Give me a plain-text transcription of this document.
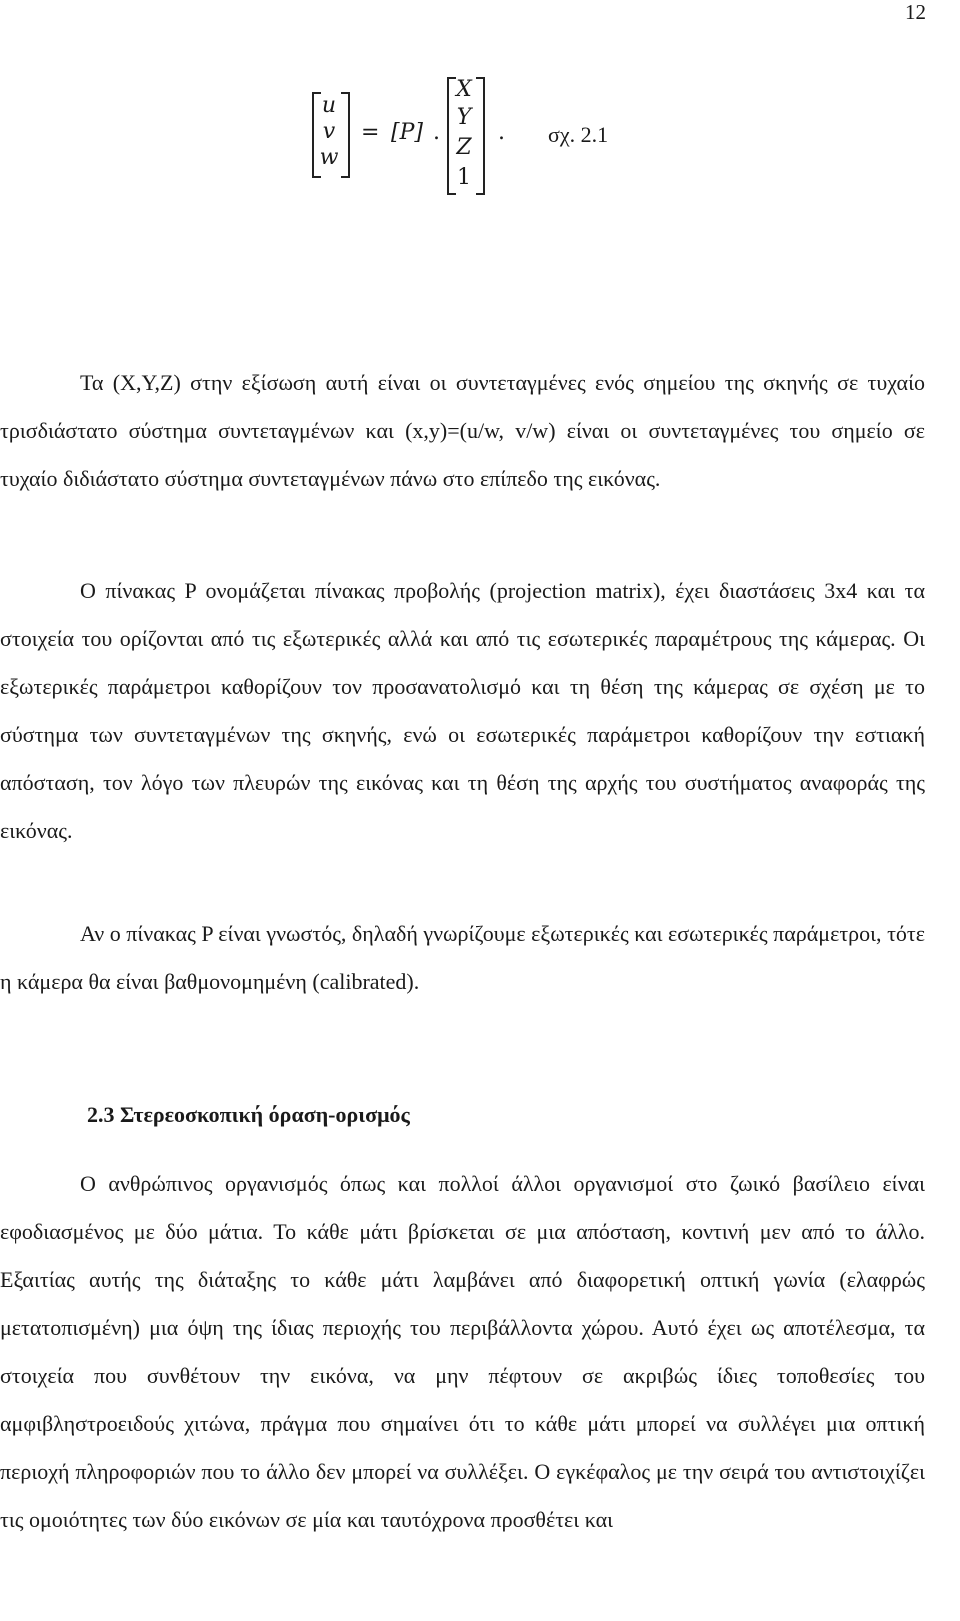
12
u
v
w
= [P] .
X
Y
Z
1
. σχ. 2.1

Τα (X,Y,Z) στην εξίσωση αυτή είναι οι συντεταγμένες ενός σημείου της σκηνής σε τυχαίο τρισδιάστατο σύστημα συντεταγμένων και (x,y)=(u/w, v/w) είναι οι συντεταγμένες του σημείο σε τυχαίο διδιάστατο σύστημα συντεταγμένων πάνω στο επίπεδο της εικόνας.

Ο πίνακας P ονομάζεται πίνακας προβολής (projection matrix), έχει διαστάσεις 3x4 και τα στοιχεία του ορίζονται από τις εξωτερικές αλλά και από τις εσωτερικές παραμέτρους της κάμερας. Οι εξωτερικές παράμετροι καθορίζουν τον προσανατολισμό και τη θέση της κάμερας σε σχέση με το σύστημα των συντεταγμένων της σκηνής, ενώ οι εσωτερικές παράμετροι καθορίζουν την εστιακή απόσταση, τον λόγο των πλευρών της εικόνας και τη θέση της αρχής του συστήματος αναφοράς της εικόνας.

Αν ο πίνακας P είναι γνωστός, δηλαδή γνωρίζουμε εξωτερικές και εσωτερικές παράμετροι, τότε η κάμερα θα είναι βαθμονομημένη (calibrated).

2.3 Στερεοσκοπική όραση-ορισμός

Ο ανθρώπινος οργανισμός όπως και πολλοί άλλοι οργανισμοί στο ζωικό βασίλειο είναι εφοδιασμένος με δύο μάτια. Το κάθε μάτι βρίσκεται σε μια απόσταση, κοντινή μεν από το άλλο. Εξαιτίας αυτής της διάταξης το κάθε μάτι λαμβάνει από διαφορετική οπτική γωνία (ελαφρώς μετατοπισμένη) μια όψη της ίδιας περιοχής του περιβάλλοντα χώρου. Αυτό έχει ως αποτέλεσμα, τα στοιχεία που συνθέτουν την εικόνα, να μην πέφτουν σε ακριβώς ίδιες τοποθεσίες του αμφιβληστροειδούς χιτώνα, πράγμα που σημαίνει ότι το κάθε μάτι μπορεί να συλλέγει μια οπτική περιοχή πληροφοριών που το άλλο δεν μπορεί να συλλέξει. Ο εγκέφαλος με την σειρά του αντιστοιχίζει τις ομοιότητες των δύο εικόνων σε μία και ταυτόχρονα προσθέτει και
